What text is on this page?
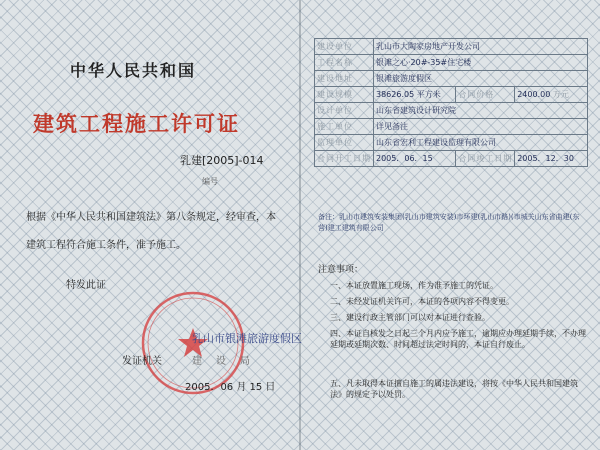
中华人民共和国
建筑工程施工许可证
乳建[2005]-014
编号
根据《中华人民共和国建筑法》第八条规定，经审查，本
建筑工程符合施工条件，准予施工。
特发此证
乳山市银滩旅游度假区
发证机关	建　设　局
2005．06 月 15 日
建设单位	乳山市大陶家房地产开发公司		
工程名称	银滩之心·20#-35#住宅楼		
建设地址	银滩旅游度假区		
建设规模	38626.05 平方米	合同价格	2400.00 万元
设计单位	山东省建筑设计研究院		
施工单位	详见备注		
监理单位	山东省宏利工程建设监理有限公司		
合同开工日期	2005．06．15	合同竣工日期	2005．12．30
备注：乳山市建筑安装集团(乳山市建筑安装)市环建(乳山市路)(市城关山东省曲建(东营)建工建筑有限公司
注意事项：
一、本证放置施工现场，作为准予施工的凭证。
二、未经发证机关许可，本证的各项内容不得变更。
三、建设行政主管部门可以对本证进行查验。
四、本证自核发之日起三个月内应予施工，逾期应办理延期手续，不办理延期或延期次数、时间超过法定时间的，本证自行废止。
五、凡未取得本证擅自施工的属违法建设，将按《中华人民共和国建筑法》的规定予以处罚。
